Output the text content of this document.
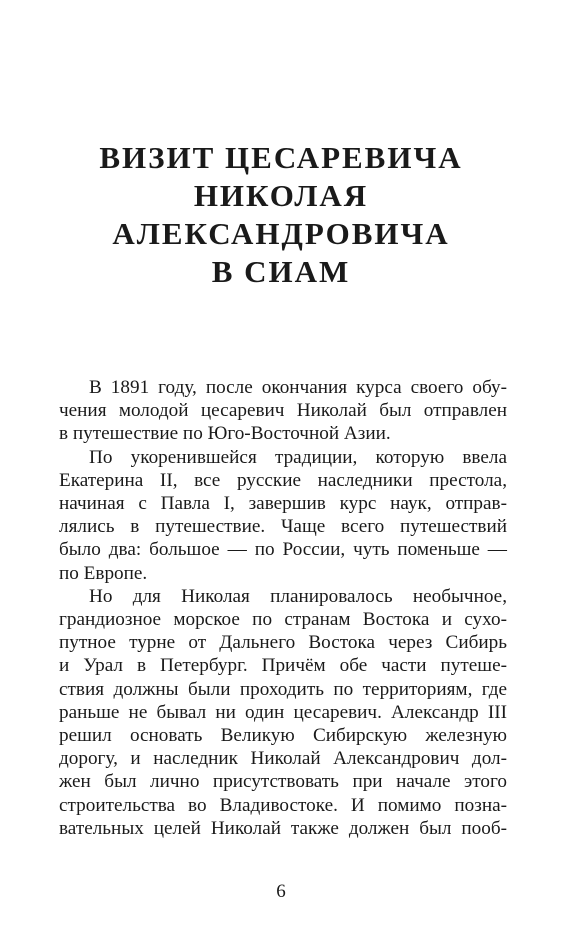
ВИЗИТ ЦЕСАРЕВИЧА
НИКОЛАЯ
АЛЕКСАНДРОВИЧА
В СИАМ
В 1891 году, после окончания курса своего обу-
чения молодой цесаревич Николай был отправлен
в путешествие по Юго-Восточной Азии.
По укоренившейся традиции, которую ввела
Екатерина II, все русские наследники престола,
начиная с Павла I, завершив курс наук, отправ-
лялись в путешествие. Чаще всего путешествий
было два: большое — по России, чуть поменьше —
по Европе.
Но для Николая планировалось необычное,
грандиозное морское по странам Востока и сухо-
путное турне от Дальнего Востока через Сибирь
и Урал в Петербург. Причём обе части путеше-
ствия должны были проходить по территориям, где
раньше не бывал ни один цесаревич. Александр III
решил основать Великую Сибирскую железную
дорогу, и наследник Николай Александрович дол-
жен был лично присутствовать при начале этого
строительства во Владивостоке. И помимо позна-
вательных целей Николай также должен был пооб-
6
